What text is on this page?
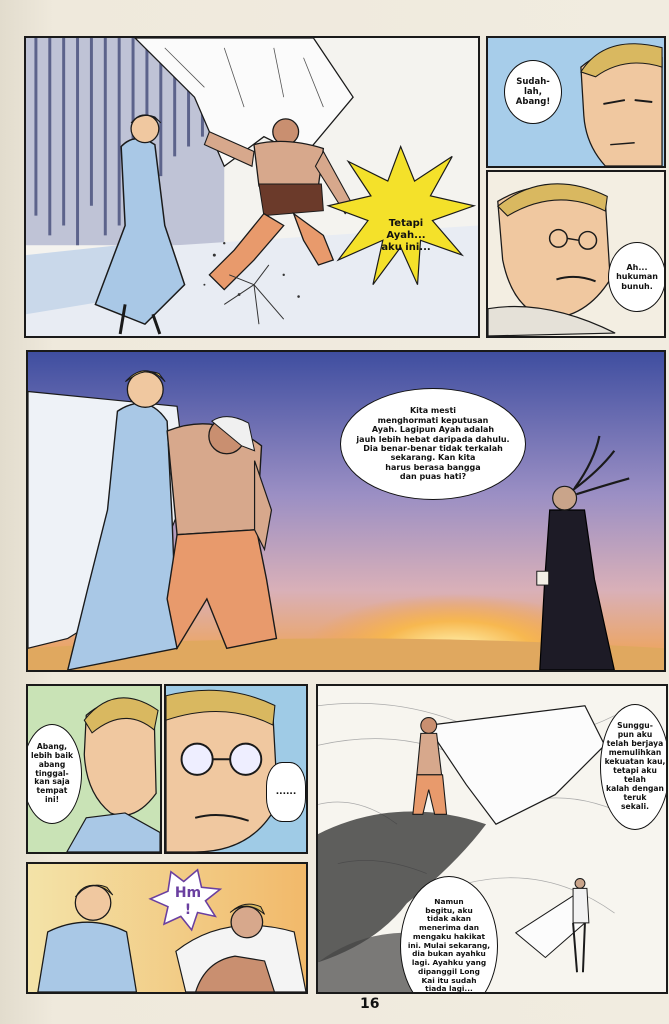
Tetapi
Ayah...
aku ini...
Sudah-
lah,
Abang!
Ah...
hukuman
bunuh.
Kita mesti
menghormati keputusan
Ayah. Lagipun Ayah adalah
jauh lebih hebat daripada dahulu.
Dia benar-benar tidak terkalah
sekarang. Kan kita
harus berasa bangga
dan puas hati?
Abang,
lebih baik
abang
tinggal-
kan saja
tempat
ini!
......
Sunggu-
pun aku
telah berjaya
memulihkan
kekuatan kau,
tetapi aku telah
kalah dengan
teruk
sekali.
Namun
begitu, aku
tidak akan
menerima dan
mengaku hakikat
ini. Mulai sekarang,
dia bukan ayahku
lagi. Ayahku yang
dipanggil Long
Kai itu sudah
tiada lagi...
Hm
!
16
